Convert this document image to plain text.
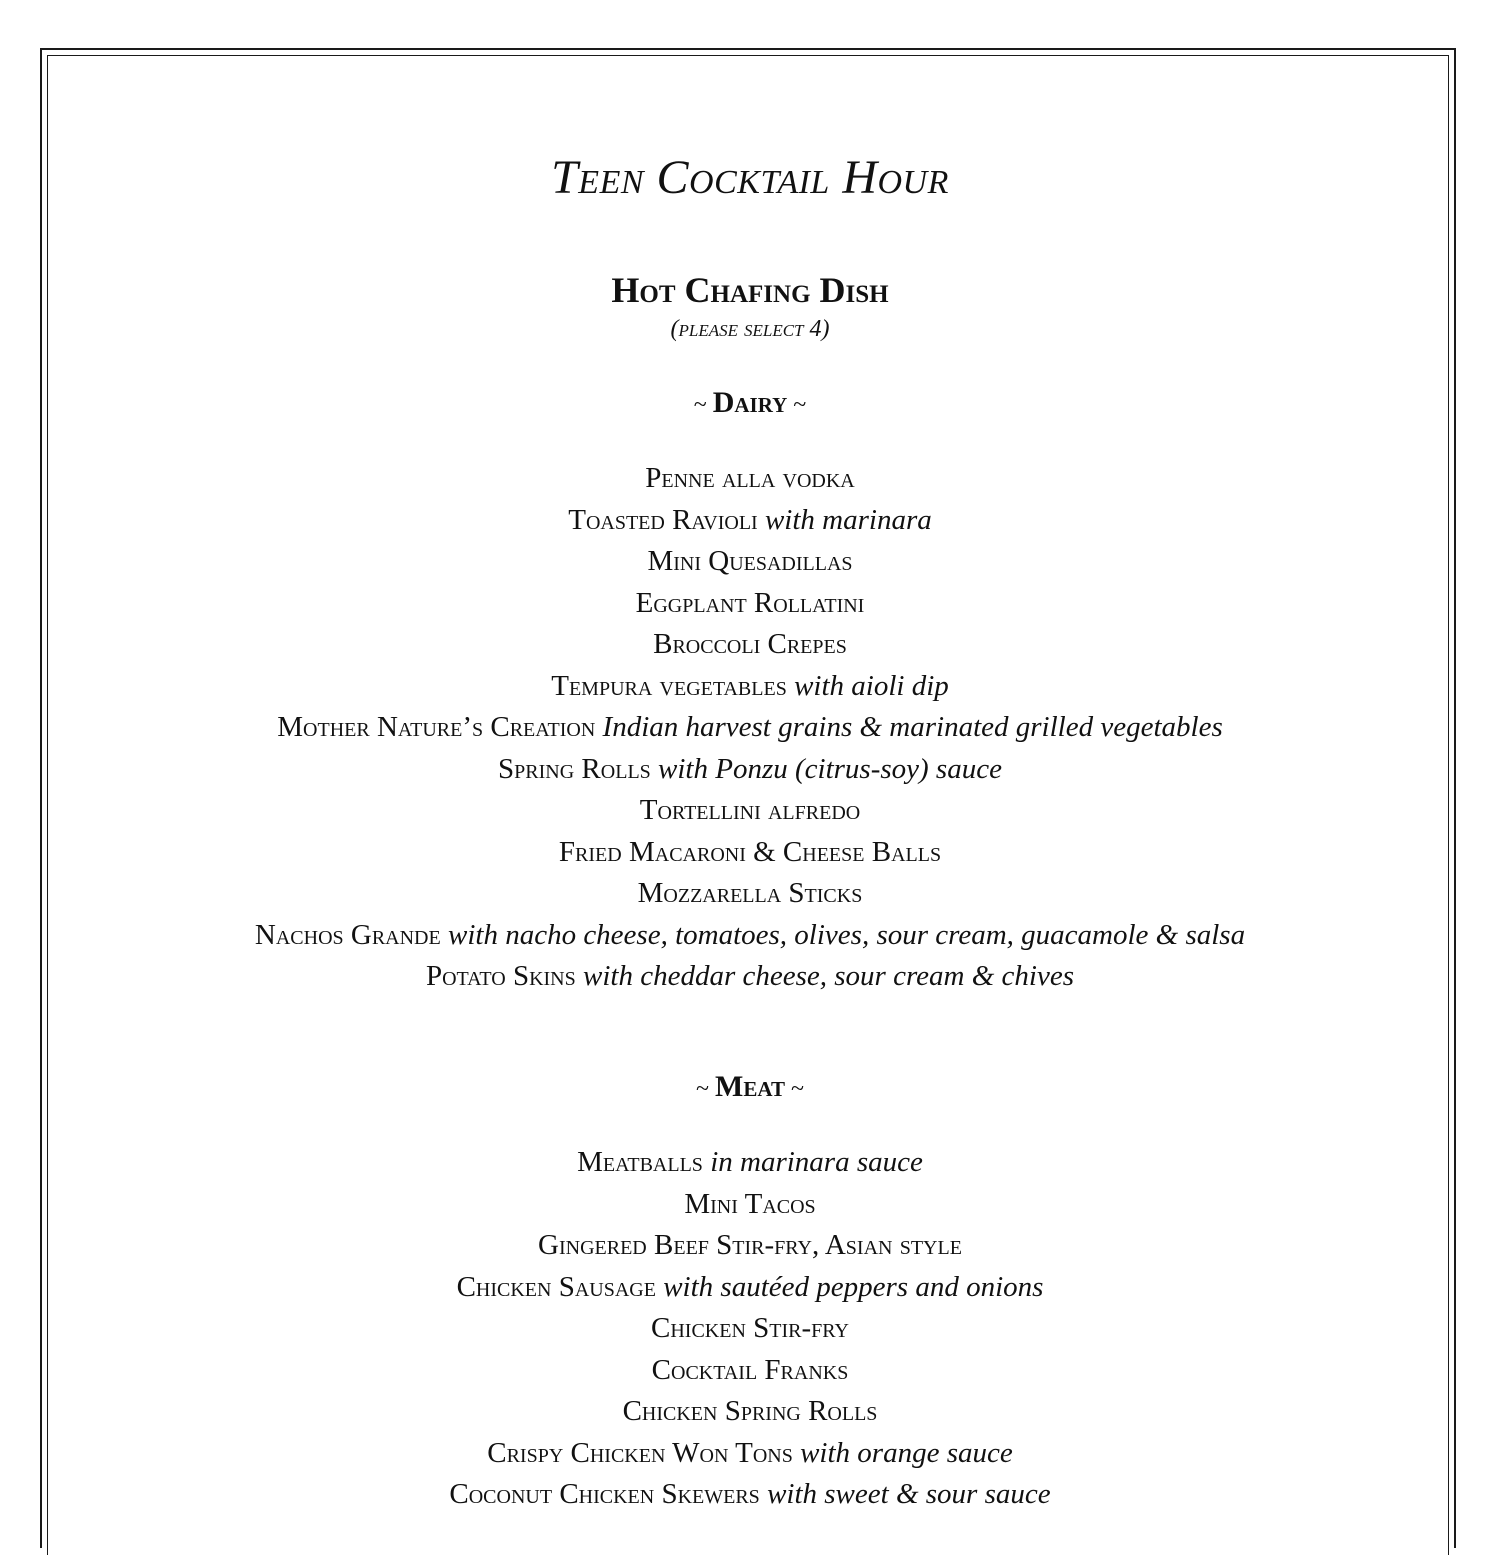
Teen Cocktail Hour
Hot Chafing Dish
(please select 4)
~ Dairy ~
Penne alla vodka
Toasted Ravioli with marinara
Mini Quesadillas
Eggplant Rollatini
Broccoli Crepes
Tempura vegetables with aioli dip
Mother Nature’s Creation Indian harvest grains & marinated grilled vegetables
Spring Rolls with Ponzu (citrus-soy) sauce
Tortellini alfredo
Fried Macaroni & Cheese Balls
Mozzarella Sticks
Nachos Grande with nacho cheese, tomatoes, olives, sour cream, guacamole & salsa
Potato Skins with cheddar cheese, sour cream & chives
~ Meat ~
Meatballs in marinara sauce
Mini Tacos
Gingered Beef Stir-fry, Asian style
Chicken Sausage with sautéed peppers and onions
Chicken Stir-fry
Cocktail Franks
Chicken Spring Rolls
Crispy Chicken Won Tons with orange sauce
Coconut Chicken Skewers with sweet & sour sauce
